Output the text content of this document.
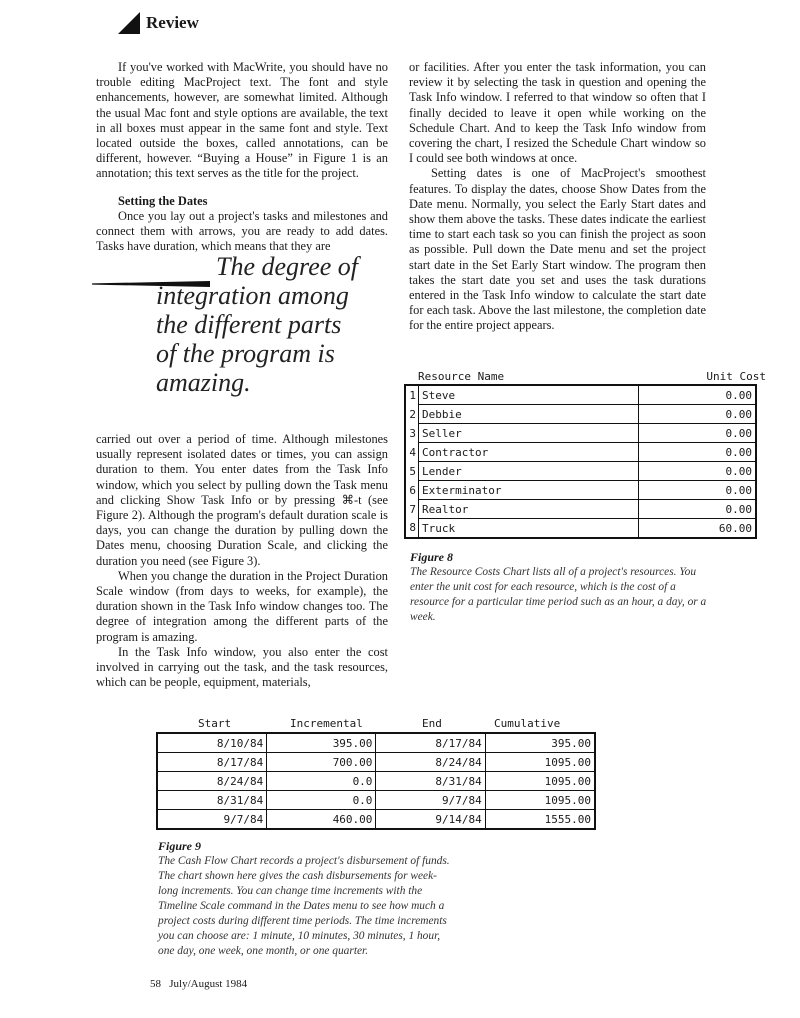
Review

If you've worked with MacWrite, you should have no trouble editing MacProject text. The font and style enhancements, however, are somewhat limited. Although the usual Mac font and style options are available, the text in all boxes must appear in the same font and style. Text located outside the boxes, called annotations, can be different, however. “Buying a House” in Figure 1 is an annotation; this text serves as the title for the project.

Setting the Dates

Once you lay out a project's tasks and milestones and connect them with arrows, you are ready to add dates. Tasks have duration, which means that they are

The degree of
integration among
the different parts
of the program is
amazing.

carried out over a period of time. Although milestones usually represent isolated dates or times, you can assign duration to them. You enter dates from the Task Info window, which you select by pulling down the Task menu and clicking Show Task Info or by pressing ⌘-t (see Figure 2). Although the program's default duration scale is days, you can change the duration by pulling down the Dates menu, choosing Duration Scale, and clicking the duration you need (see Figure 3).

When you change the duration in the Project Duration Scale window (from days to weeks, for example), the duration shown in the Task Info window changes too. The degree of integration among the different parts of the program is amazing.

In the Task Info window, you also enter the cost involved in carrying out the task, and the task resources, which can be people, equipment, materials,

or facilities. After you enter the task information, you can review it by selecting the task in question and opening the Task Info window. I referred to that window so often that I finally decided to leave it open while working on the Schedule Chart. And to keep the Task Info window from covering the chart, I resized the Schedule Chart window so I could see both windows at once.

Setting dates is one of MacProject's smoothest features. To display the dates, choose Show Dates from the Date menu. Normally, you select the Early Start dates and show them above the tasks. These dates indicate the earliest time to start each task so you can finish the project as soon as possible. Pull down the Date menu and set the project start date in the Set Early Start window. The program then takes the start date you set and uses the task durations entered in the Task Info window to calculate the start date for each task. Above the last milestone, the completion date for the entire project appears.

Resource Name	Unit Cost
1	Steve	0.00
2	Debbie	0.00
3	Seller	0.00
4	Contractor	0.00
5	Lender	0.00
6	Exterminator	0.00
7	Realtor	0.00
8	Truck	60.00
Figure 8
The Resource Costs Chart lists all of a project's resources. You enter the unit cost for each resource, which is the cost of a resource for a particular time period such as an hour, a day, or a week.
Start	Incremental	End	Cumulative
8/10/84	395.00	8/17/84	395.00
8/17/84	700.00	8/24/84	1095.00
8/24/84	0.0	8/31/84	1095.00
8/31/84	0.0	9/7/84	1095.00
9/7/84	460.00	9/14/84	1555.00
Figure 9
The Cash Flow Chart records a project's disbursement of funds. The chart shown here gives the cash disbursements for week-long increments. You can change time increments with the Timeline Scale command in the Dates menu to see how much a project costs during different time periods. The time increments you can choose are: 1 minute, 10 minutes, 30 minutes, 1 hour, one day, one week, one month, or one quarter.
58   July/August 1984
